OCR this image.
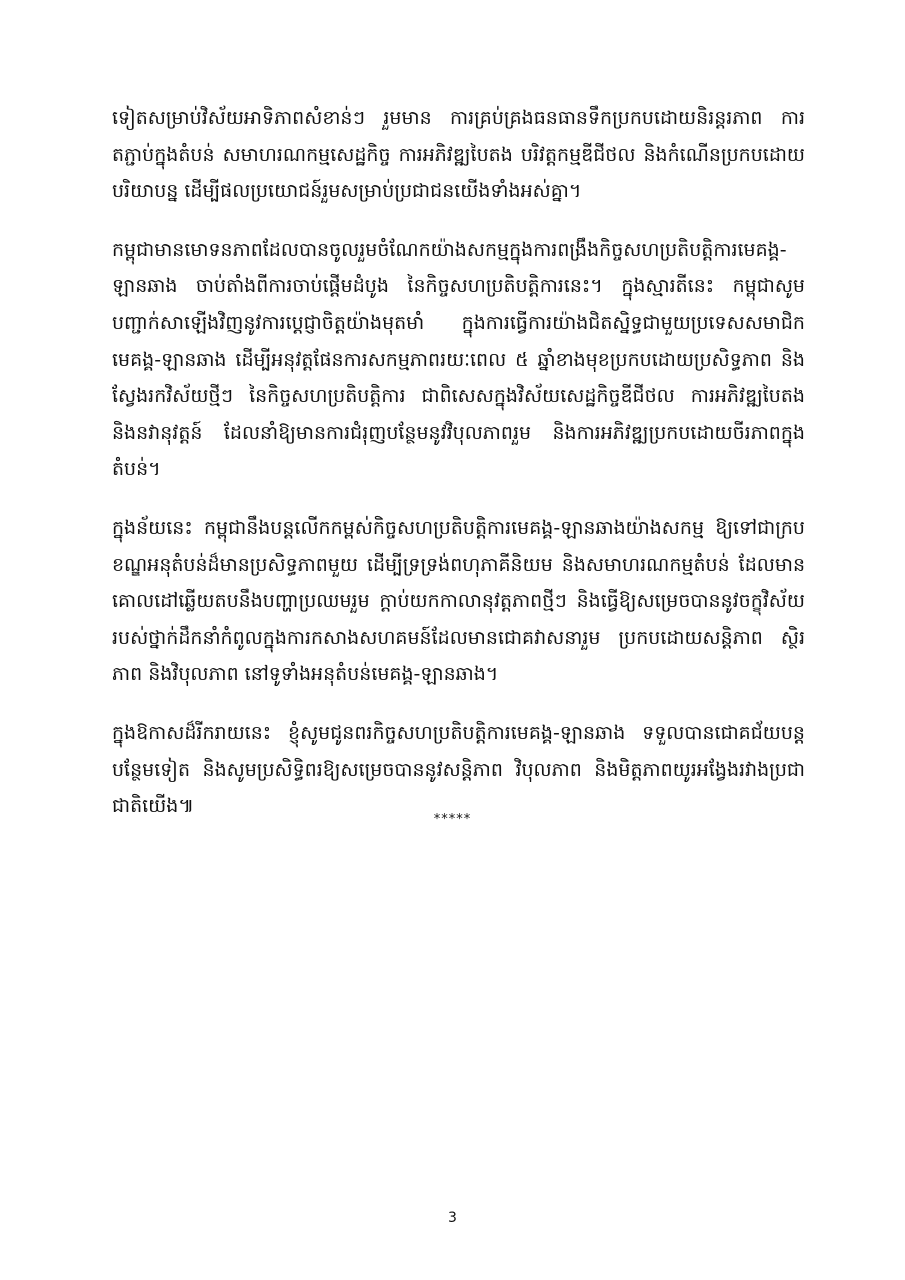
ទៀតសម្រាប់វិស័យអាទិភាពសំខាន់ៗ រួមមាន ការគ្រប់គ្រងធនធានទឹកប្រកបដោយនិរន្តរភាព ការតភ្ជាប់ក្នុងតំបន់ សមាហរណកម្មសេដ្ឋកិច្ច ការអភិវឌ្ឍបៃតង បរិវត្តកម្មឌីជីថល និងកំណើនប្រកបដោយបរិយាបន្ន ដើម្បីផលប្រយោជន៍រួមសម្រាប់ប្រជាជនយើងទាំងអស់គ្នា។

កម្ពុជាមានមោទនភាពដែលបានចូលរួមចំណែកយ៉ាងសកម្មក្នុងការពង្រឹងកិច្ចសហប្រតិបត្តិការមេគង្គ-ឡានឆាង ចាប់តាំងពីការចាប់ផ្តើមដំបូង នៃកិច្ចសហប្រតិបត្តិការនេះ។ ក្នុងស្មារតីនេះ កម្ពុជាសូមបញ្ជាក់សាឡើងវិញនូវការប្តេជ្ញាចិត្តយ៉ាងមុតមាំ ក្នុងការធ្វើការយ៉ាងជិតស្និទ្ធជាមួយប្រទេសសមាជិកមេគង្គ-ឡានឆាង ដើម្បីអនុវត្តផែនការសកម្មភាពរយៈពេល ៥ ឆ្នាំខាងមុខប្រកបដោយប្រសិទ្ធភាព និងស្វែងរកវិស័យថ្មីៗ នៃកិច្ចសហប្រតិបត្តិការ ជាពិសេសក្នុងវិស័យសេដ្ឋកិច្ចឌីជីថល ការអភិវឌ្ឍបៃតង និងនវានុវត្តន៍ ដែលនាំឱ្យមានការជំរុញបន្ថែមនូវវិបុលភាពរួម និងការអភិវឌ្ឍប្រកបដោយចីរភាពក្នុងតំបន់។

ក្នុងន័យនេះ កម្ពុជានឹងបន្តលើកកម្ពស់កិច្ចសហប្រតិបត្តិការមេគង្គ-ឡានឆាងយ៉ាងសកម្ម ឱ្យទៅជាក្របខណ្ឌអនុតំបន់ដ៏មានប្រសិទ្ធភាពមួយ ដើម្បីទ្រទ្រង់ពហុភាគីនិយម និងសមាហរណកម្មតំបន់ ដែលមានគោលដៅឆ្លើយតបនឹងបញ្ហាប្រឈមរួម ក្តាប់យកកាលានុវត្តភាពថ្មីៗ និងធ្វើឱ្យសម្រេចបាននូវចក្ខុវិស័យរបស់ថ្នាក់ដឹកនាំកំពូលក្នុងការកសាងសហគមន៍ដែលមានជោគវាសនារួម ប្រកបដោយសន្តិភាព ស្ថិរភាព និងវិបុលភាព នៅទូទាំងអនុតំបន់មេគង្គ-ឡានឆាង។

ក្នុងឱកាសដ៏រីករាយនេះ ខ្ញុំសូមជូនពរកិច្ចសហប្រតិបត្តិការមេគង្គ-ឡានឆាង ទទួលបានជោគជ័យបន្តបន្ថែមទៀត និងសូមប្រសិទ្ធិពរឱ្យសម្រេចបាននូវសន្តិភាព វិបុលភាព និងមិត្តភាពយូរអង្វែងរវាងប្រជាជាតិយើង៕

*****
3
